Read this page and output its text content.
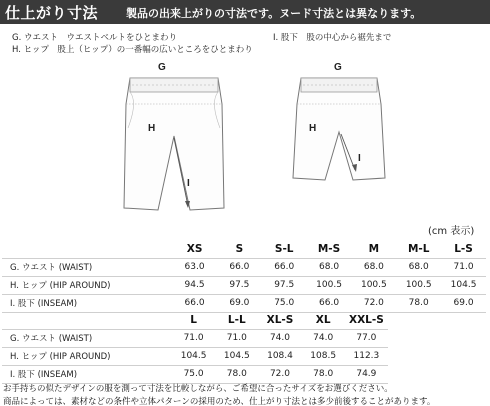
仕上がり寸法	製品の出来上がりの寸法です。ヌード寸法とは異なります。
G. ウエスト　ウエストベルトをひとまわり
H. ヒップ　股上（ヒップ）の一番幅の広いところをひとまわり
I. 股下　股の中心から裾先まで
G
H
I
G
H
I
(cm 表示)
	XS	S	S-L	M-S	M	M-L	L-S
G. ウエスト (WAIST)	63.0	66.0	66.0	68.0	68.0	68.0	71.0
H. ヒップ (HIP AROUND)	94.5	97.5	97.5	100.5	100.5	100.5	104.5
I. 股下 (INSEAM)	66.0	69.0	75.0	66.0	72.0	78.0	69.0
	L	L-L	XL-S	XL	XXL-S
G. ウエスト (WAIST)	71.0	71.0	74.0	74.0	77.0
H. ヒップ (HIP AROUND)	104.5	104.5	108.4	108.5	112.3
I. 股下 (INSEAM)	75.0	78.0	72.0	78.0	74.9
お手持ちの似たデザインの服を測って寸法を比較しながら、ご希望に合ったサイズをお選びください。
商品によっては、素材などの条件や立体パターンの採用のため、仕上がり寸法とは多少前後することがあります。
